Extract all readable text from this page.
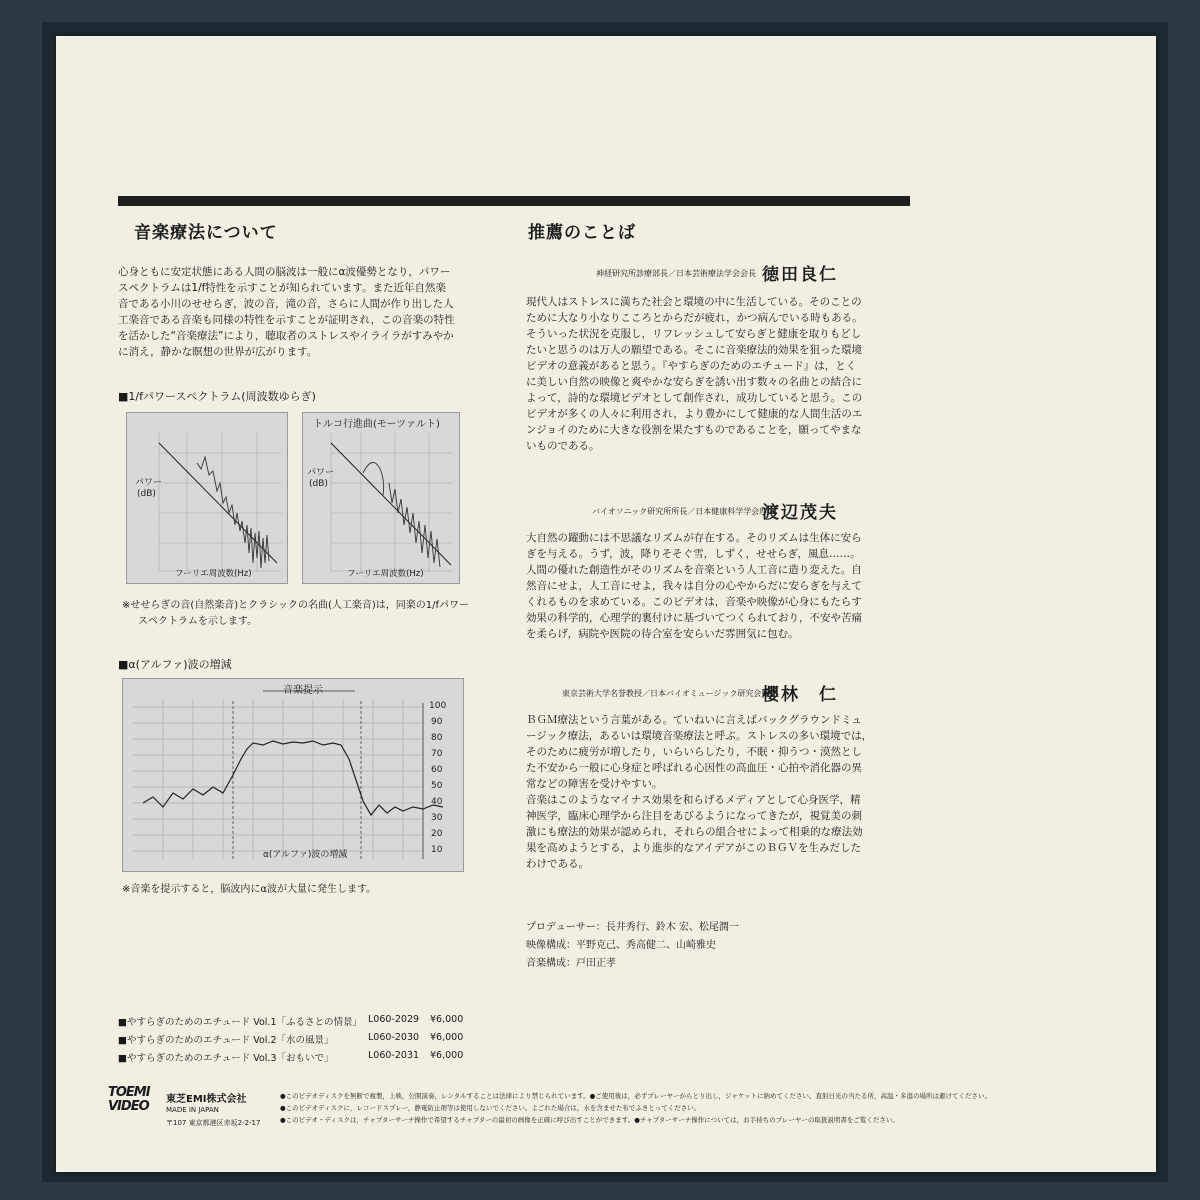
音楽療法について
心身ともに安定状態にある人間の脳波は一般にα波優勢となり，パワー
スペクトラムは1/f特性を示すことが知られています。また近年自然楽
音である小川のせせらぎ，波の音，滝の音，さらに人間が作り出した人
工楽音である音楽も同様の特性を示すことが証明され，この音楽の特性
を活かした“音楽療法”により，聴取者のストレスやイライラがすみやか
に消え，静かな瞑想の世界が広がります。
■1/fパワースペクトラム(周波数ゆらぎ)
パワー
(dB)
フーリエ周波数(Hz)
トルコ行進曲(モーツァルト)
パワー
(dB)
フーリエ周波数(Hz)
※せせらぎの音(自然楽音)とクラシックの名曲(人工楽音)は，同楽の1/fパワー
スペクトラムを示します。
■α(アルファ)波の増減
音楽提示
α(アルファ)波の増減
100
90
80
70
60
50
40
30
20
10
※音楽を提示すると，脳波内にα波が大量に発生します。
推薦のことば
神経研究所診療部長／日本芸術療法学会会長 徳田良仁
現代人はストレスに満ちた社会と環境の中に生活している。そのことの
ために大なり小なりこころとからだが疲れ，かつ病んでいる時もある。
そういった状況を克服し，リフレッシュして安らぎと健康を取りもどし
たいと思うのは万人の願望である。そこに音楽療法的効果を狙った環境
ビデオの意義があると思う。『やすらぎのためのエチュード』は，とく
に美しい自然の映像と爽やかな安らぎを誘い出す数々の名曲との結合に
よって，詩的な環境ビデオとして創作され，成功していると思う。この
ビデオが多くの人々に利用され，より豊かにして健康的な人間生活のエ
ンジョイのために大きな役割を果たすものであることを，願ってやまな
いものである。
バイオソニック研究所所長／日本健康科学学会理事
渡辺茂夫
大自然の躍動には不思議なリズムが存在する。そのリズムは生体に安ら
ぎを与える。うず，波，降りそそぐ雪，しずく，せせらぎ，風息……。
人間の優れた創造性がそのリズムを音楽という人工音に造り変えた。自
然音にせよ，人工音にせよ，我々は自分の心やからだに安らぎを与えて
くれるものを求めている。このビデオは，音楽や映像が心身にもたらす
効果の科学的，心理学的裏付けに基づいてつくられており，不安や苦痛
を柔らげ，病院や医院の待合室を安らいだ雰囲気に包む。
東京芸術大学名誉教授／日本バイオミュージック研究会顧問
櫻林　仁
ＢＧＭ療法という言葉がある。ていねいに言えばバックグラウンドミュ
ージック療法，あるいは環境音楽療法と呼ぶ。ストレスの多い環境では，
そのために疲労が増したり，いらいらしたり，不眠・抑うつ・漠然とし
た不安から一般に心身症と呼ばれる心因性の高血圧・心拍や消化器の異
常などの障害を受けやすい。
音楽はこのようなマイナス効果を和らげるメディアとして心身医学，精
神医学，臨床心理学から注目をあびるようになってきたが，視覚美の刺
激にも療法的効果が認められ，それらの組合せによって相乗的な療法効
果を高めようとする，より進歩的なアイデアがこのＢＧＶを生みだした
わけである。
プロデューサー：長井秀行、鈴木 宏、松尾潤一
映像構成：平野克己、秀高健二、山崎雅史
音楽構成：戸田正孝
■やすらぎのためのエチュード Vol.1「ふるさとの情景」 L060-2029 ¥6,000
■やすらぎのためのエチュード Vol.2「水の風景」	L060-2030 ¥6,000
■やすらぎのためのエチュード Vol.3「おもいで」	L060-2031 ¥6,000
TOEMI VIDEO	東芝EMI株式会社
MADE IN JAPAN
〒107 東京都港区赤坂2-2-17
●このビデオディスクを無断で複製，上映，公開演奏，レンタルすることは法律により禁じられています。●ご使用後は，必ずプレーヤーからとり出し，ジャケットに納めてください。直射日光の当たる所，高温・多湿の場所は避けてください。
●このビデオディスクに，レコードスプレー，静電防止剤等は使用しないでください。よごれた場合は，水を含ませた布でふきとってください。
●このビデオ・ディスクは，チャプターサーチ操作で希望するチャプターの最初の画像を正確に呼び出すことができます。●チャプターサーチ操作については，お手持ちのプレーヤーの取扱説明書をご覧ください。
